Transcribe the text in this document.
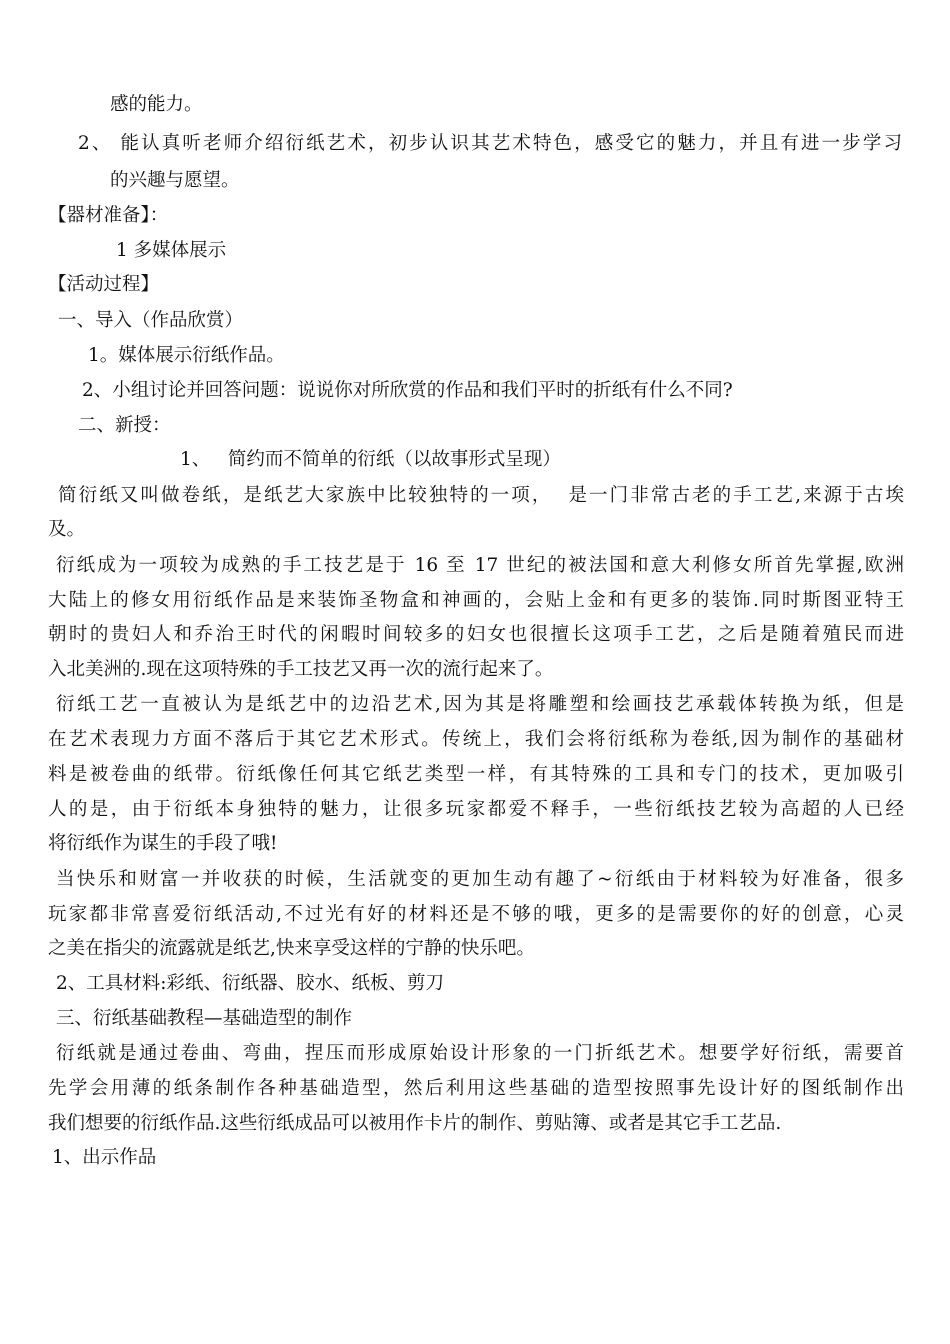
感的能力。
2、 能认真听老师介绍衍纸艺术，初步认识其艺术特色，感受它的魅力，并且有进一步学习
的兴趣与愿望。
【器材准备】：
1 多媒体展示
【活动过程】
一、导入（作品欣赏）
1。媒体展示衍纸作品。
2、小组讨论并回答问题：说说你对所欣赏的作品和我们平时的折纸有什么不同?
二、新授：
1、   简约而不简单的衍纸（以故事形式呈现）
简衍纸又叫做卷纸，是纸艺大家族中比较独特的一项，  是一门非常古老的手工艺,来源于古埃
及。
衍纸成为一项较为成熟的手工技艺是于 16 至 17 世纪的被法国和意大利修女所首先掌握,欧洲
大陆上的修女用衍纸作品是来装饰圣物盒和神画的，会贴上金和有更多的装饰.同时斯图亚特王
朝时的贵妇人和乔治王时代的闲暇时间较多的妇女也很擅长这项手工艺，之后是随着殖民而进
入北美洲的.现在这项特殊的手工技艺又再一次的流行起来了。
衍纸工艺一直被认为是纸艺中的边沿艺术,因为其是将雕塑和绘画技艺承载体转换为纸，但是
在艺术表现力方面不落后于其它艺术形式。传统上，我们会将衍纸称为卷纸,因为制作的基础材
料是被卷曲的纸带。衍纸像任何其它纸艺类型一样，有其特殊的工具和专门的技术，更加吸引
人的是，由于衍纸本身独特的魅力，让很多玩家都爱不释手，一些衍纸技艺较为高超的人已经
将衍纸作为谋生的手段了哦!
当快乐和财富一并收获的时候，生活就变的更加生动有趣了~衍纸由于材料较为好准备，很多
玩家都非常喜爱衍纸活动,不过光有好的材料还是不够的哦，更多的是需要你的好的创意，心灵
之美在指尖的流露就是纸艺,快来享受这样的宁静的快乐吧。
2、工具材料:彩纸、衍纸器、胶水、纸板、剪刀
三、衍纸基础教程—基础造型的制作
衍纸就是通过卷曲、弯曲，捏压而形成原始设计形象的一门折纸艺术。想要学好衍纸，需要首
先学会用薄的纸条制作各种基础造型，然后利用这些基础的造型按照事先设计好的图纸制作出
我们想要的衍纸作品.这些衍纸成品可以被用作卡片的制作、剪贴簿、或者是其它手工艺品.
1、出示作品
